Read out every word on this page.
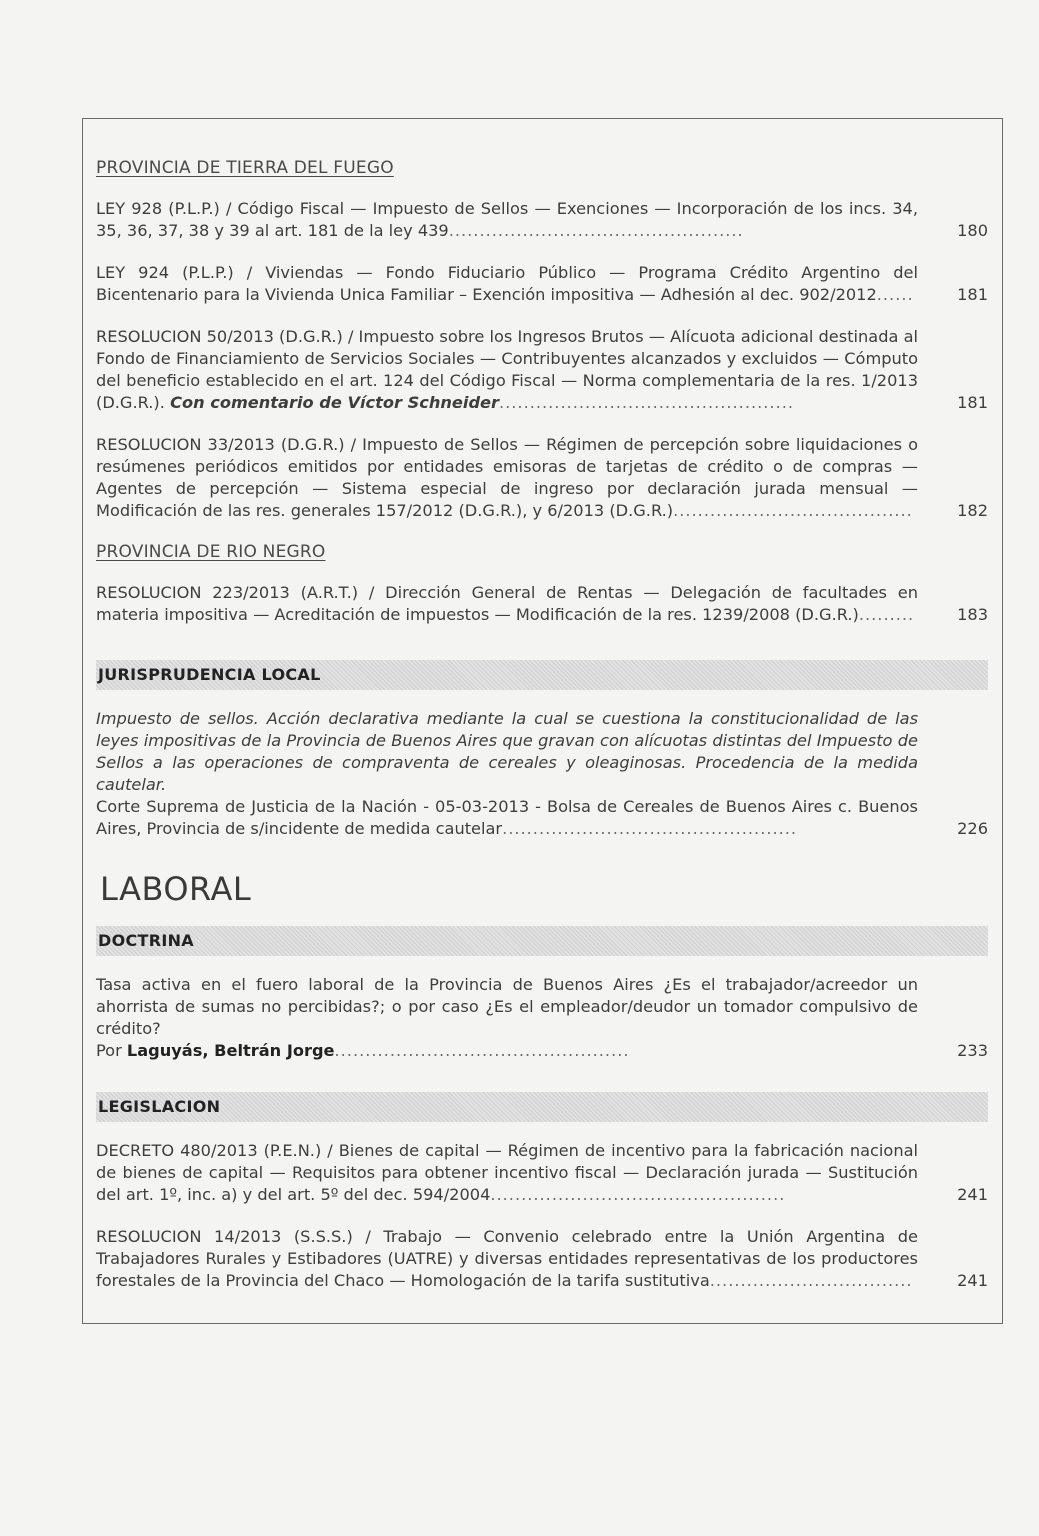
PROVINCIA DE TIERRA DEL FUEGO
LEY 928 (P.L.P.) / Código Fiscal — Impuesto de Sellos — Exenciones — Incorporación de los incs. 34, 35, 36, 37, 38 y 39 al art. 181 de la ley 439................................................	180
LEY 924 (P.L.P.) / Viviendas — Fondo Fiduciario Público — Programa Crédito Argentino del Bicentenario para la Vivienda Unica Familiar – Exención impositiva — Adhesión al dec. 902/2012......	181
RESOLUCION 50/2013 (D.G.R.) / Impuesto sobre los Ingresos Brutos — Alícuota adicional destinada al Fondo de Financiamiento de Servicios Sociales — Contribuyentes alcanzados y excluidos — Cómputo del beneficio establecido en el art. 124 del Código Fiscal — Norma complementaria de la res. 1/2013 (D.G.R.). Con comentario de Víctor Schneider................................................	181
RESOLUCION 33/2013 (D.G.R.) / Impuesto de Sellos — Régimen de percepción sobre liquidaciones o resúmenes periódicos emitidos por entidades emisoras de tarjetas de crédito o de compras — Agentes de percepción — Sistema especial de ingreso por declaración jurada mensual — Modificación de las res. generales 157/2012 (D.G.R.), y 6/2013 (D.G.R.).......................................	182
PROVINCIA DE RIO NEGRO
RESOLUCION 223/2013 (A.R.T.) / Dirección General de Rentas — Delegación de facultades en materia impositiva — Acreditación de impuestos — Modificación de la res. 1239/2008 (D.G.R.).........	183
JURISPRUDENCIA LOCAL
Impuesto de sellos. Acción declarativa mediante la cual se cuestiona la constitucionalidad de las leyes impositivas de la Provincia de Buenos Aires que gravan con alícuotas distintas del Impuesto de Sellos a las operaciones de compraventa de cereales y oleaginosas. Procedencia de la medida cautelar.
Corte Suprema de Justicia de la Nación - 05-03-2013 - Bolsa de Cereales de Buenos Aires c. Buenos Aires, Provincia de s/incidente de medida cautelar................................................	226
LABORAL
DOCTRINA
Tasa activa en el fuero laboral de la Provincia de Buenos Aires ¿Es el trabajador/acreedor un ahorrista de sumas no percibidas?; o por caso ¿Es el empleador/deudor un tomador compulsivo de crédito?
Por Laguyás, Beltrán Jorge................................................	233
LEGISLACION
DECRETO 480/2013 (P.E.N.) / Bienes de capital — Régimen de incentivo para la fabricación nacional de bienes de capital — Requisitos para obtener incentivo fiscal — Declaración jurada — Sustitución del art. 1º, inc. a) y del art. 5º del dec. 594/2004................................................	241
RESOLUCION 14/2013 (S.S.S.) / Trabajo — Convenio celebrado entre la Unión Argentina de Trabajadores Rurales y Estibadores (UATRE) y diversas entidades representativas de los productores forestales de la Provincia del Chaco — Homologación de la tarifa sustitutiva.................................	241
